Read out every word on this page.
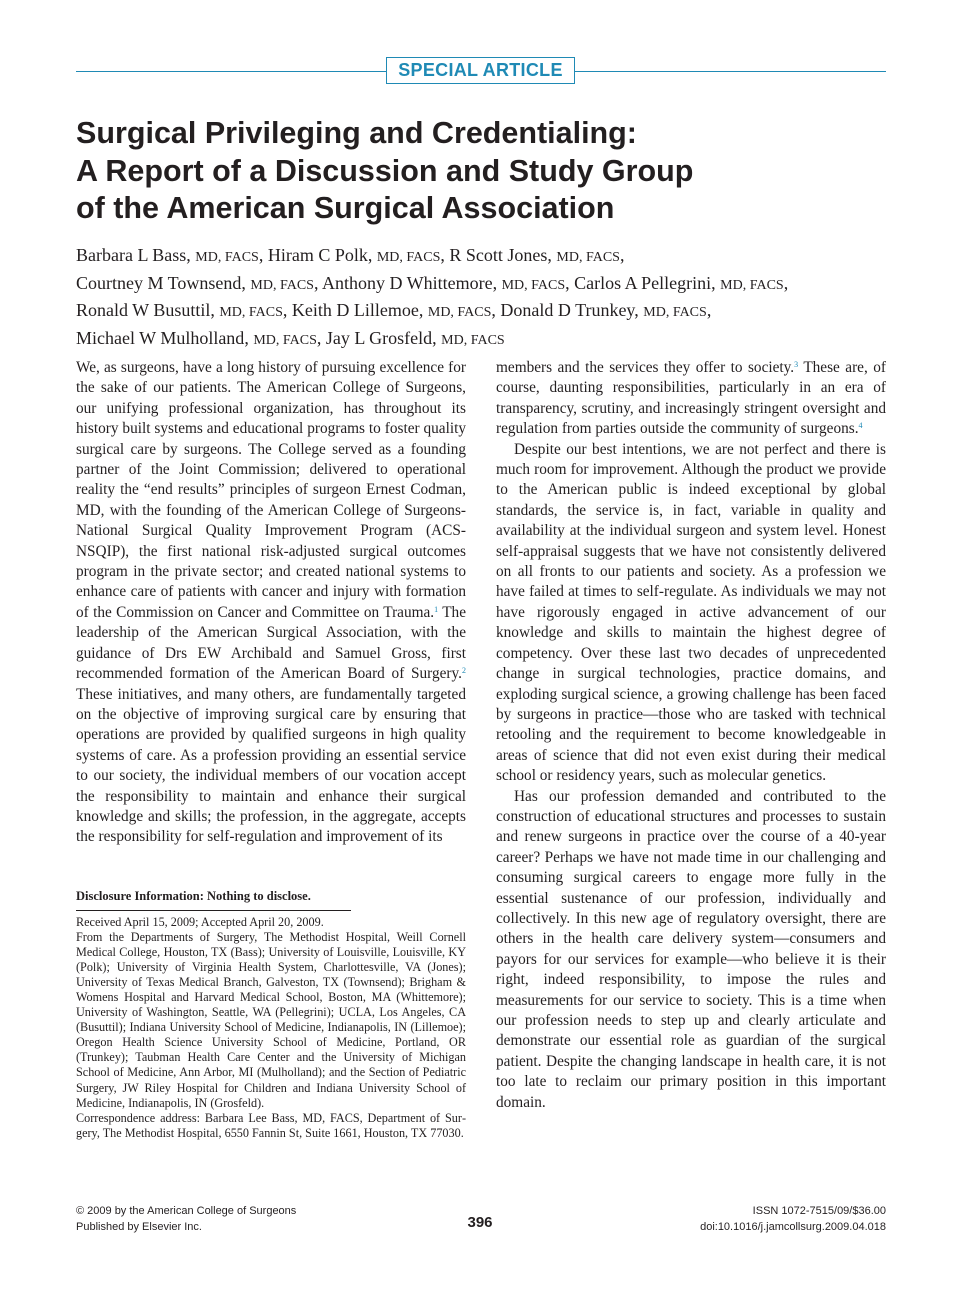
SPECIAL ARTICLE
Surgical Privileging and Credentialing:
A Report of a Discussion and Study Group
of the American Surgical Association
Barbara L Bass, MD, FACS, Hiram C Polk, MD, FACS, R Scott Jones, MD, FACS,
Courtney M Townsend, MD, FACS, Anthony D Whittemore, MD, FACS, Carlos A Pellegrini, MD, FACS,
Ronald W Busuttil, MD, FACS, Keith D Lillemoe, MD, FACS, Donald D Trunkey, MD, FACS,
Michael W Mulholland, MD, FACS, Jay L Grosfeld, MD, FACS

We, as surgeons, have a long history of pursuing excellence for the sake of our patients. The American College of Surgeons, our unifying professional organization, has throughout its history built systems and educational programs to foster quality surgical care by surgeons. The College served as a founding partner of the Joint Commission; delivered to operational reality the “end results” principles of surgeon Ernest Codman, MD, with the founding of the American College of Surgeons-National Surgical Quality Improvement Program (ACS-NSQIP), the first national risk-adjusted surgical outcomes program in the private sector; and created national systems to enhance care of patients with cancer and injury with formation of the Commission on Cancer and Committee on Trauma.$^1$ The leadership of the American Surgical Association, with the guidance of Drs EW Archibald and Samuel Gross, first recommended formation of the American Board of Surgery.$^2$ These initiatives, and many others, are fundamentally targeted on the objective of improving surgical care by ensuring that operations are provided by qualified surgeons in high quality systems of care. As a profession providing an essential service to our society, the individual members of our vocation accept the responsibility to maintain and enhance their surgical knowledge and skills; the profession, in the aggregate, accepts the responsibility for self-regulation and improvement of its

members and the services they offer to society.$^3$ These are, of course, daunting responsibilities, particularly in an era of transparency, scrutiny, and increasingly stringent oversight and regulation from parties outside the community of surgeons.$^4$

Despite our best intentions, we are not perfect and there is much room for improvement. Although the product we provide to the American public is indeed exceptional by global standards, the service is, in fact, variable in quality and availability at the individual surgeon and system level. Honest self-appraisal suggests that we have not consistently delivered on all fronts to our patients and society. As a profession we have failed at times to self-regulate. As individuals we may not have rigorously engaged in active advancement of our knowledge and skills to maintain the highest degree of competency. Over these last two decades of unprecedented change in surgical technologies, practice domains, and exploding surgical science, a growing challenge has been faced by surgeons in practice—those who are tasked with technical retooling and the requirement to become knowledgeable in areas of science that did not even exist during their medical school or residency years, such as molecular genetics.

Has our profession demanded and contributed to the construction of educational structures and processes to sustain and renew surgeons in practice over the course of a 40-year career? Perhaps we have not made time in our challenging and consuming surgical careers to engage more fully in the essential sustenance of our profession, individually and collectively. In this new age of regulatory oversight, there are others in the health care delivery system—consumers and payors for our services for example—who believe it is their right, indeed responsibility, to impose the rules and measurements for our service to society. This is a time when our profession needs to step up and clearly articulate and demonstrate our essential role as guardian of the surgical patient. Despite the changing landscape in health care, it is not too late to reclaim our primary position in this important domain.

Disclosure Information: Nothing to disclose.

Received April 15, 2009; Accepted April 20, 2009.

From the Departments of Surgery, The Methodist Hospital, Weill Cornell Medical College, Houston, TX (Bass); University of Louisville, Louisville, KY (Polk); University of Virginia Health System, Charlottesville, VA (Jones); University of Texas Medical Branch, Galveston, TX (Townsend); Brigham & Womens Hospital and Harvard Medical School, Boston, MA (Whittemore); University of Washington, Seattle, WA (Pellegrini); UCLA, Los Angeles, CA (Busuttil); Indiana University School of Medicine, Indianapolis, IN (Lillemoe); Oregon Health Science University School of Medicine, Portland, OR (Trunkey); Taubman Health Care Center and the University of Michigan School of Medicine, Ann Arbor, MI (Mulholland); and the Section of Pediatric Surgery, JW Riley Hospital for Children and Indiana University School of Medicine, Indianapolis, IN (Grosfeld).

Correspondence address: Barbara Lee Bass, MD, FACS, Department of Surgery, The Methodist Hospital, 6550 Fannin St, Suite 1661, Houston, TX 77030.

© 2009 by the American College of Surgeons
Published by Elsevier Inc.	396
ISSN 1072-7515/09/$36.00
doi:10.1016/j.jamcollsurg.2009.04.018
